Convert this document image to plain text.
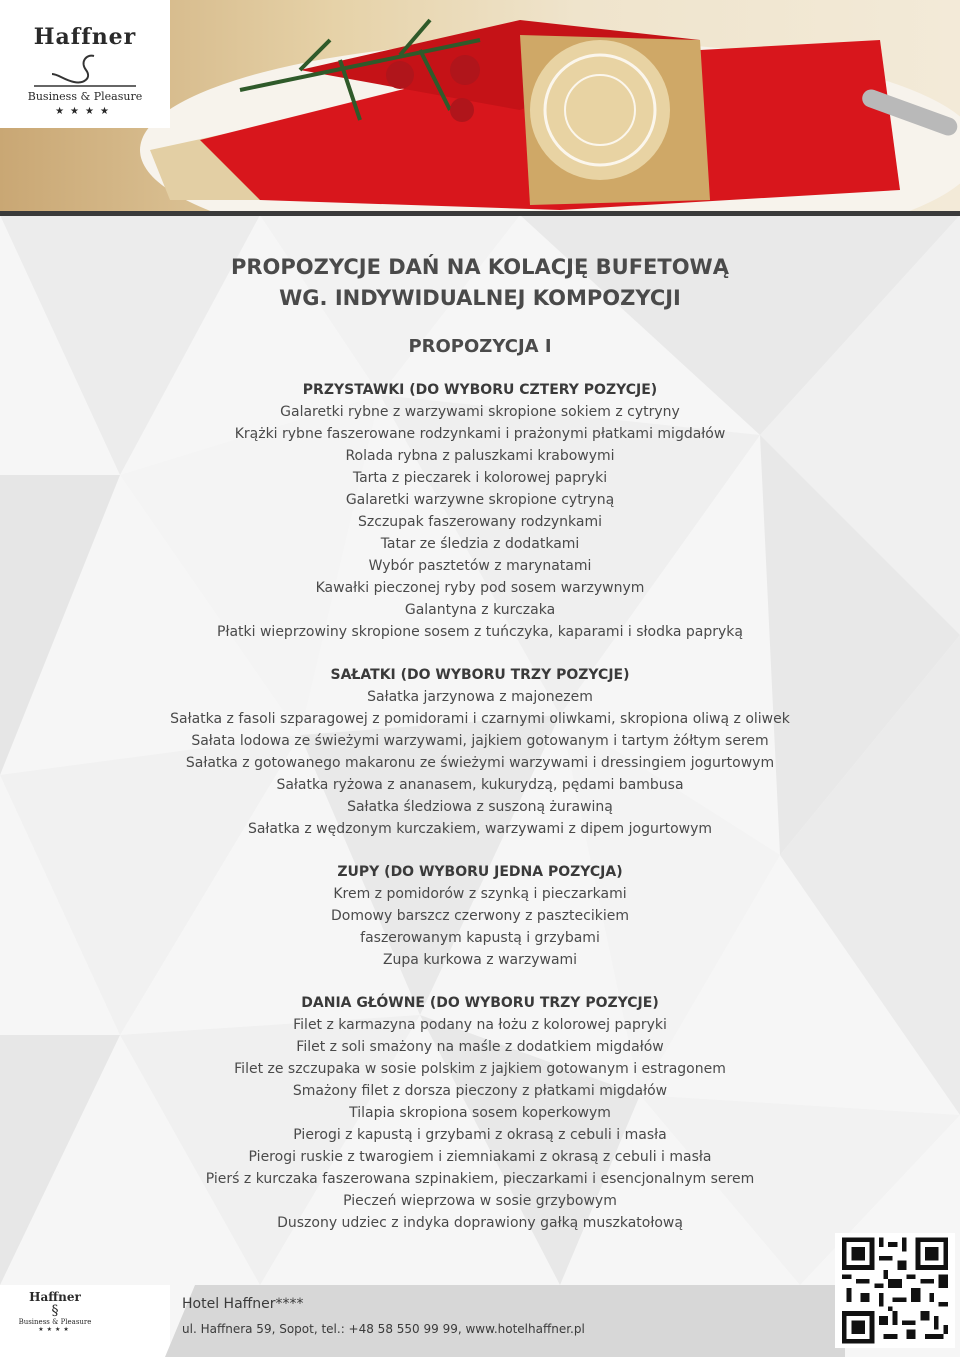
Haffner
Business & Pleasure
★★★★

PROPOZYCJE DAŃ NA KOLACJĘ BUFETOWĄ

WG. INDYWIDUALNEJ KOMPOZYCJI

PROPOZYCJA I

PRZYSTAWKI (DO WYBORU CZTERY POZYCJE)
Galaretki rybne z warzywami skropione sokiem z cytryny
Krążki rybne faszerowane rodzynkami i prażonymi płatkami migdałów
Rolada rybna z paluszkami krabowymi
Tarta z pieczarek i kolorowej papryki
Galaretki warzywne skropione cytryną
Szczupak faszerowany rodzynkami
Tatar ze śledzia z dodatkami
Wybór pasztetów z marynatami
Kawałki pieczonej ryby pod sosem warzywnym
Galantyna z kurczaka
Płatki wieprzowiny skropione sosem z tuńczyka, kaparami i słodka papryką
SAŁATKI (DO WYBORU TRZY POZYCJE)
Sałatka jarzynowa z majonezem
Sałatka z fasoli szparagowej z pomidorami i czarnymi oliwkami, skropiona oliwą z oliwek
Sałata lodowa ze świeżymi warzywami, jajkiem gotowanym i tartym żółtym serem
Sałatka z gotowanego makaronu ze świeżymi warzywami i dressingiem jogurtowym
Sałatka ryżowa z ananasem, kukurydzą, pędami bambusa
Sałatka śledziowa z suszoną żurawiną
Sałatka z wędzonym kurczakiem, warzywami z dipem jogurtowym
ZUPY (DO WYBORU JEDNA POZYCJA)
Krem z pomidorów z szynką i pieczarkami
Domowy barszcz czerwony z pasztecikiem
faszerowanym kapustą i grzybami
Zupa kurkowa z warzywami
DANIA GŁÓWNE (DO WYBORU TRZY POZYCJE)
Filet z karmazyna podany na łożu z kolorowej papryki
Filet z soli smażony na maśle z dodatkiem migdałów
Filet ze szczupaka w sosie polskim z jajkiem gotowanym i estragonem
Smażony filet z dorsza pieczony z płatkami migdałów
Tilapia skropiona sosem koperkowym
Pierogi z kapustą i grzybami z okrasą z cebuli i masła
Pierogi ruskie z twarogiem i ziemniakami z okrasą z cebuli i masła
Pierś z kurczaka faszerowana szpinakiem, pieczarkami i esencjonalnym serem
Pieczeń wieprzowa w sosie grzybowym
Duszony udziec z indyka doprawiony gałką muszkatołową
Haffner
§
Business & Pleasure
★★★★
Hotel Haffner****
ul. Haffnera 59, Sopot, tel.: +48 58 550 99 99, www.hotelhaffner.pl
